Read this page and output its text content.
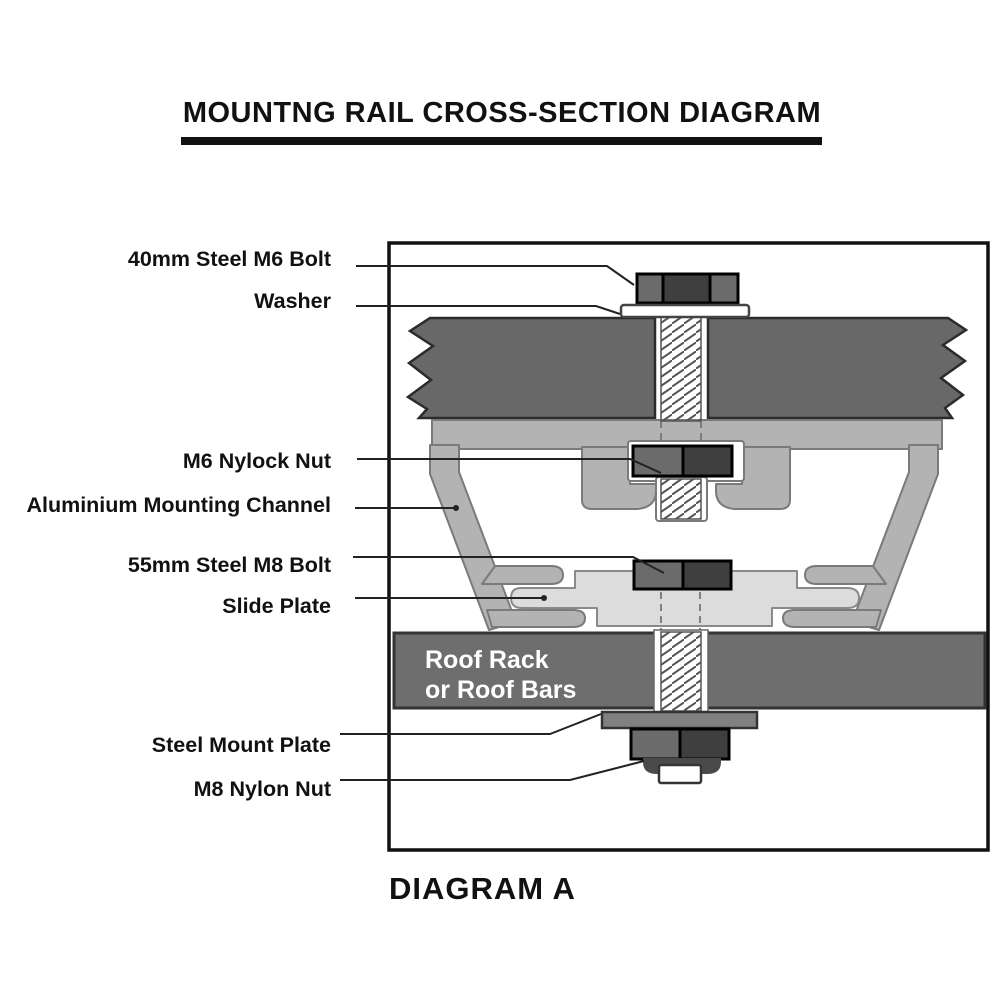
MOUNTNG RAIL CROSS-SECTION DIAGRAM
Roof Rack
or Roof Bars
40mm Steel M6 Bolt
Washer
M6 Nylock Nut
Aluminium Mounting Channel
55mm Steel M8 Bolt
Slide Plate
Steel Mount Plate
M8 Nylon Nut
DIAGRAM A
